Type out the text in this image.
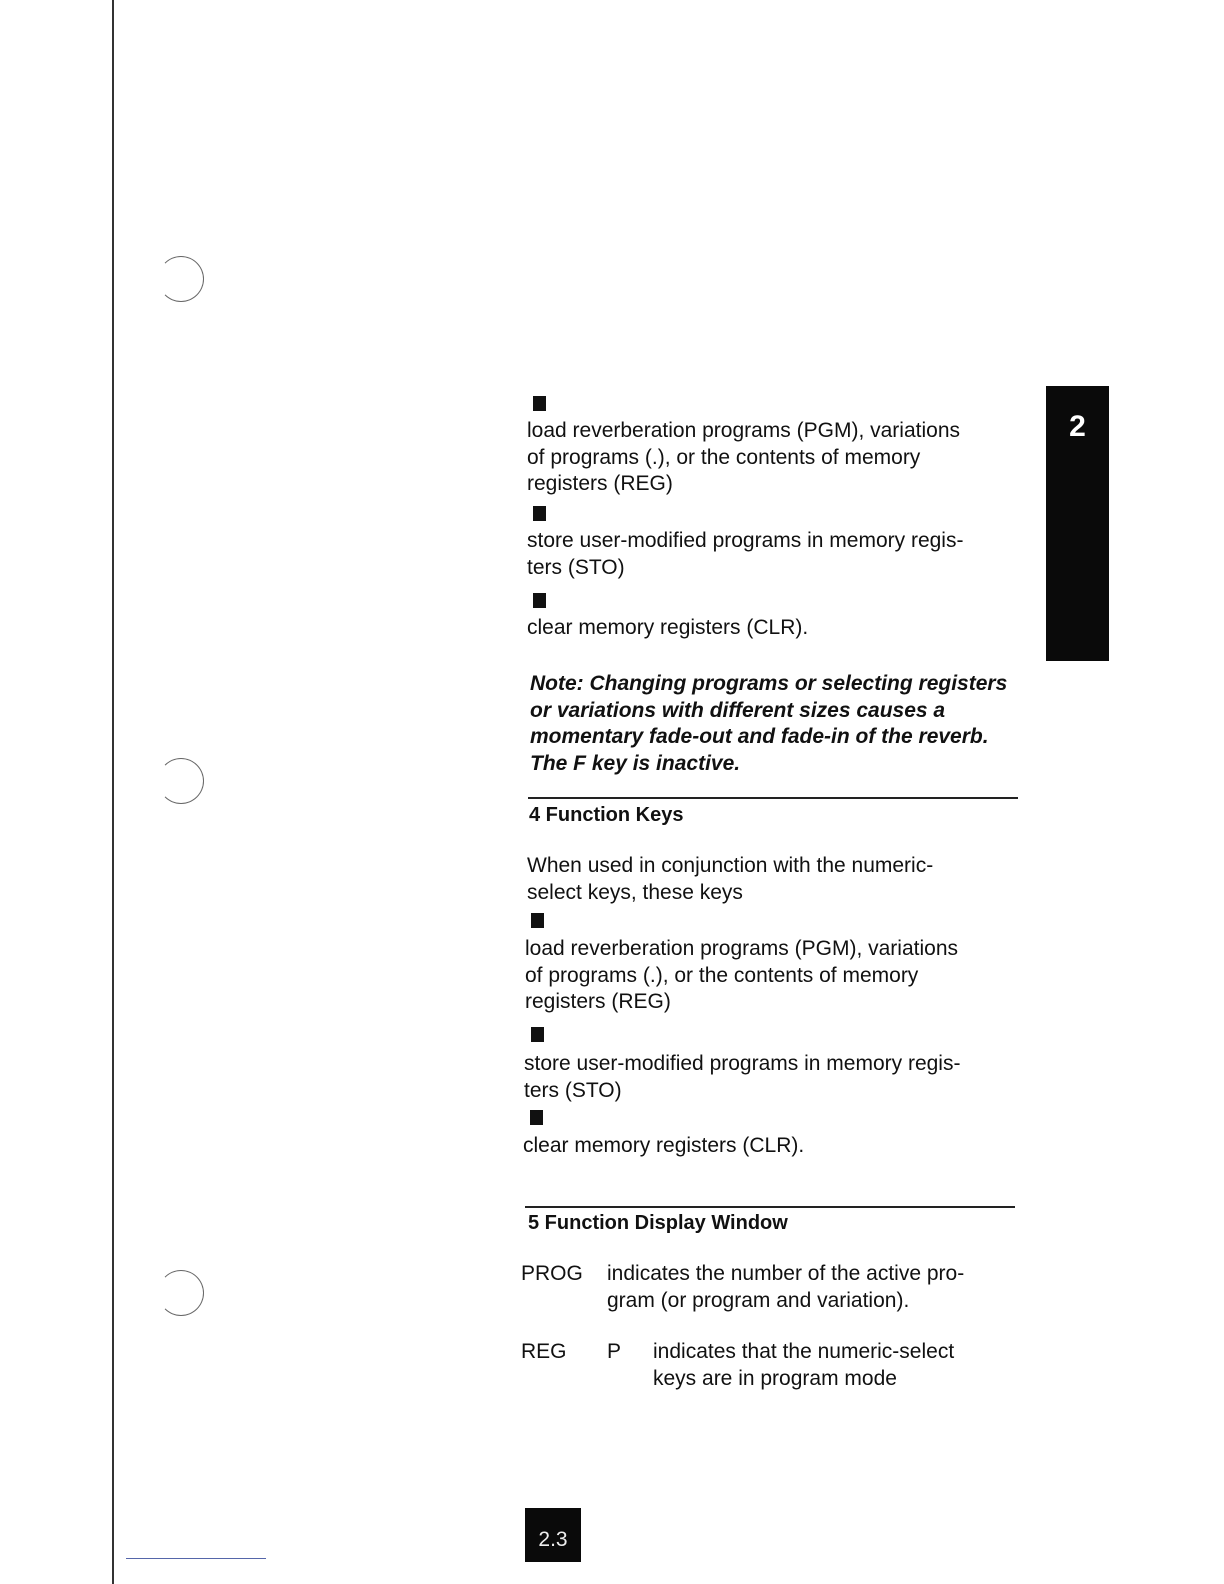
2
load reverberation programs (PGM), variations
of programs (.), or the contents of memory
registers (REG)
store user-modified programs in memory regis-
ters (STO)
clear memory registers (CLR).
Note: Changing programs or selecting registers
or variations with different sizes causes a
momentary fade-out and fade-in of the reverb.
The F key is inactive.
4 Function Keys
When used in conjunction with the numeric-
select keys, these keys
load reverberation programs (PGM), variations
of programs (.), or the contents of memory
registers (REG)
store user-modified programs in memory regis-
ters (STO)
clear memory registers (CLR).
5 Function Display Window
PROG indicates the number of the active pro-
gram (or program and variation).
REG P indicates that the numeric-select
keys are in program mode
2.3
